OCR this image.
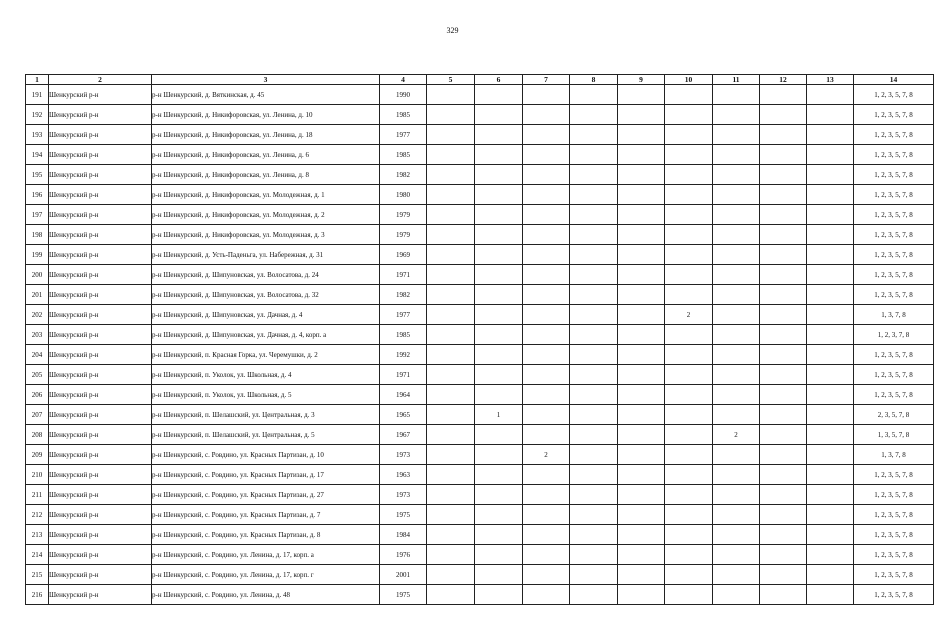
329
1	2	3	4	5	6	7	8	9	10	11	12	13	14
191	Шенкурский р-н	р-н Шенкурский, д. Вяткинская, д. 45	1990										1, 2, 3, 5, 7, 8
192	Шенкурский р-н	р-н Шенкурский, д. Никифоровская, ул. Ленина, д. 10	1985										1, 2, 3, 5, 7, 8
193	Шенкурский р-н	р-н Шенкурский, д. Никифоровская, ул. Ленина, д. 18	1977										1, 2, 3, 5, 7, 8
194	Шенкурский р-н	р-н Шенкурский, д. Никифоровская, ул. Ленина, д. 6	1985										1, 2, 3, 5, 7, 8
195	Шенкурский р-н	р-н Шенкурский, д. Никифоровская, ул. Ленина, д. 8	1982										1, 2, 3, 5, 7, 8
196	Шенкурский р-н	р-н Шенкурский, д. Никифоровская, ул. Молодежная, д. 1	1980										1, 2, 3, 5, 7, 8
197	Шенкурский р-н	р-н Шенкурский, д. Никифоровская, ул. Молодежная, д. 2	1979										1, 2, 3, 5, 7, 8
198	Шенкурский р-н	р-н Шенкурский, д. Никифоровская, ул. Молодежная, д. 3	1979										1, 2, 3, 5, 7, 8
199	Шенкурский р-н	р-н Шенкурский, д. Усть-Паденьга, ул. Набережная, д. 31	1969										1, 2, 3, 5, 7, 8
200	Шенкурский р-н	р-н Шенкурский, д. Шипуновская, ул. Волосатова, д. 24	1971										1, 2, 3, 5, 7, 8
201	Шенкурский р-н	р-н Шенкурский, д. Шипуновская, ул. Волосатова, д. 32	1982										1, 2, 3, 5, 7, 8
202	Шенкурский р-н	р-н Шенкурский, д. Шипуновская, ул. Дачная, д. 4	1977						2				1, 3, 7, 8
203	Шенкурский р-н	р-н Шенкурский, д. Шипуновская, ул. Дачная, д. 4, корп. а	1985										1, 2, 3, 7, 8
204	Шенкурский р-н	р-н Шенкурский, п. Красная Горка, ул. Черемушки, д. 2	1992										1, 2, 3, 5, 7, 8
205	Шенкурский р-н	р-н Шенкурский, п. Уколок, ул. Школьная, д. 4	1971										1, 2, 3, 5, 7, 8
206	Шенкурский р-н	р-н Шенкурский, п. Уколок, ул. Школьная, д. 5	1964										1, 2, 3, 5, 7, 8
207	Шенкурский р-н	р-н Шенкурский, п. Шелашский, ул. Центральная, д. 3	1965		1								2, 3, 5, 7, 8
208	Шенкурский р-н	р-н Шенкурский, п. Шелашский, ул. Центральная, д. 5	1967							2			1, 3, 5, 7, 8
209	Шенкурский р-н	р-н Шенкурский, с. Ровдино, ул. Красных Партизан, д. 10	1973			2							1, 3, 7, 8
210	Шенкурский р-н	р-н Шенкурский, с. Ровдино, ул. Красных Партизан, д. 17	1963										1, 2, 3, 5, 7, 8
211	Шенкурский р-н	р-н Шенкурский, с. Ровдино, ул. Красных Партизан, д. 27	1973										1, 2, 3, 5, 7, 8
212	Шенкурский р-н	р-н Шенкурский, с. Ровдино, ул. Красных Партизан, д. 7	1975										1, 2, 3, 5, 7, 8
213	Шенкурский р-н	р-н Шенкурский, с. Ровдино, ул. Красных Партизан, д. 8	1984										1, 2, 3, 5, 7, 8
214	Шенкурский р-н	р-н Шенкурский, с. Ровдино, ул. Ленина, д. 17, корп. а	1976										1, 2, 3, 5, 7, 8
215	Шенкурский р-н	р-н Шенкурский, с. Ровдино, ул. Ленина, д. 17, корп. г	2001										1, 2, 3, 5, 7, 8
216	Шенкурский р-н	р-н Шенкурский, с. Ровдино, ул. Ленина, д. 48	1975										1, 2, 3, 5, 7, 8
